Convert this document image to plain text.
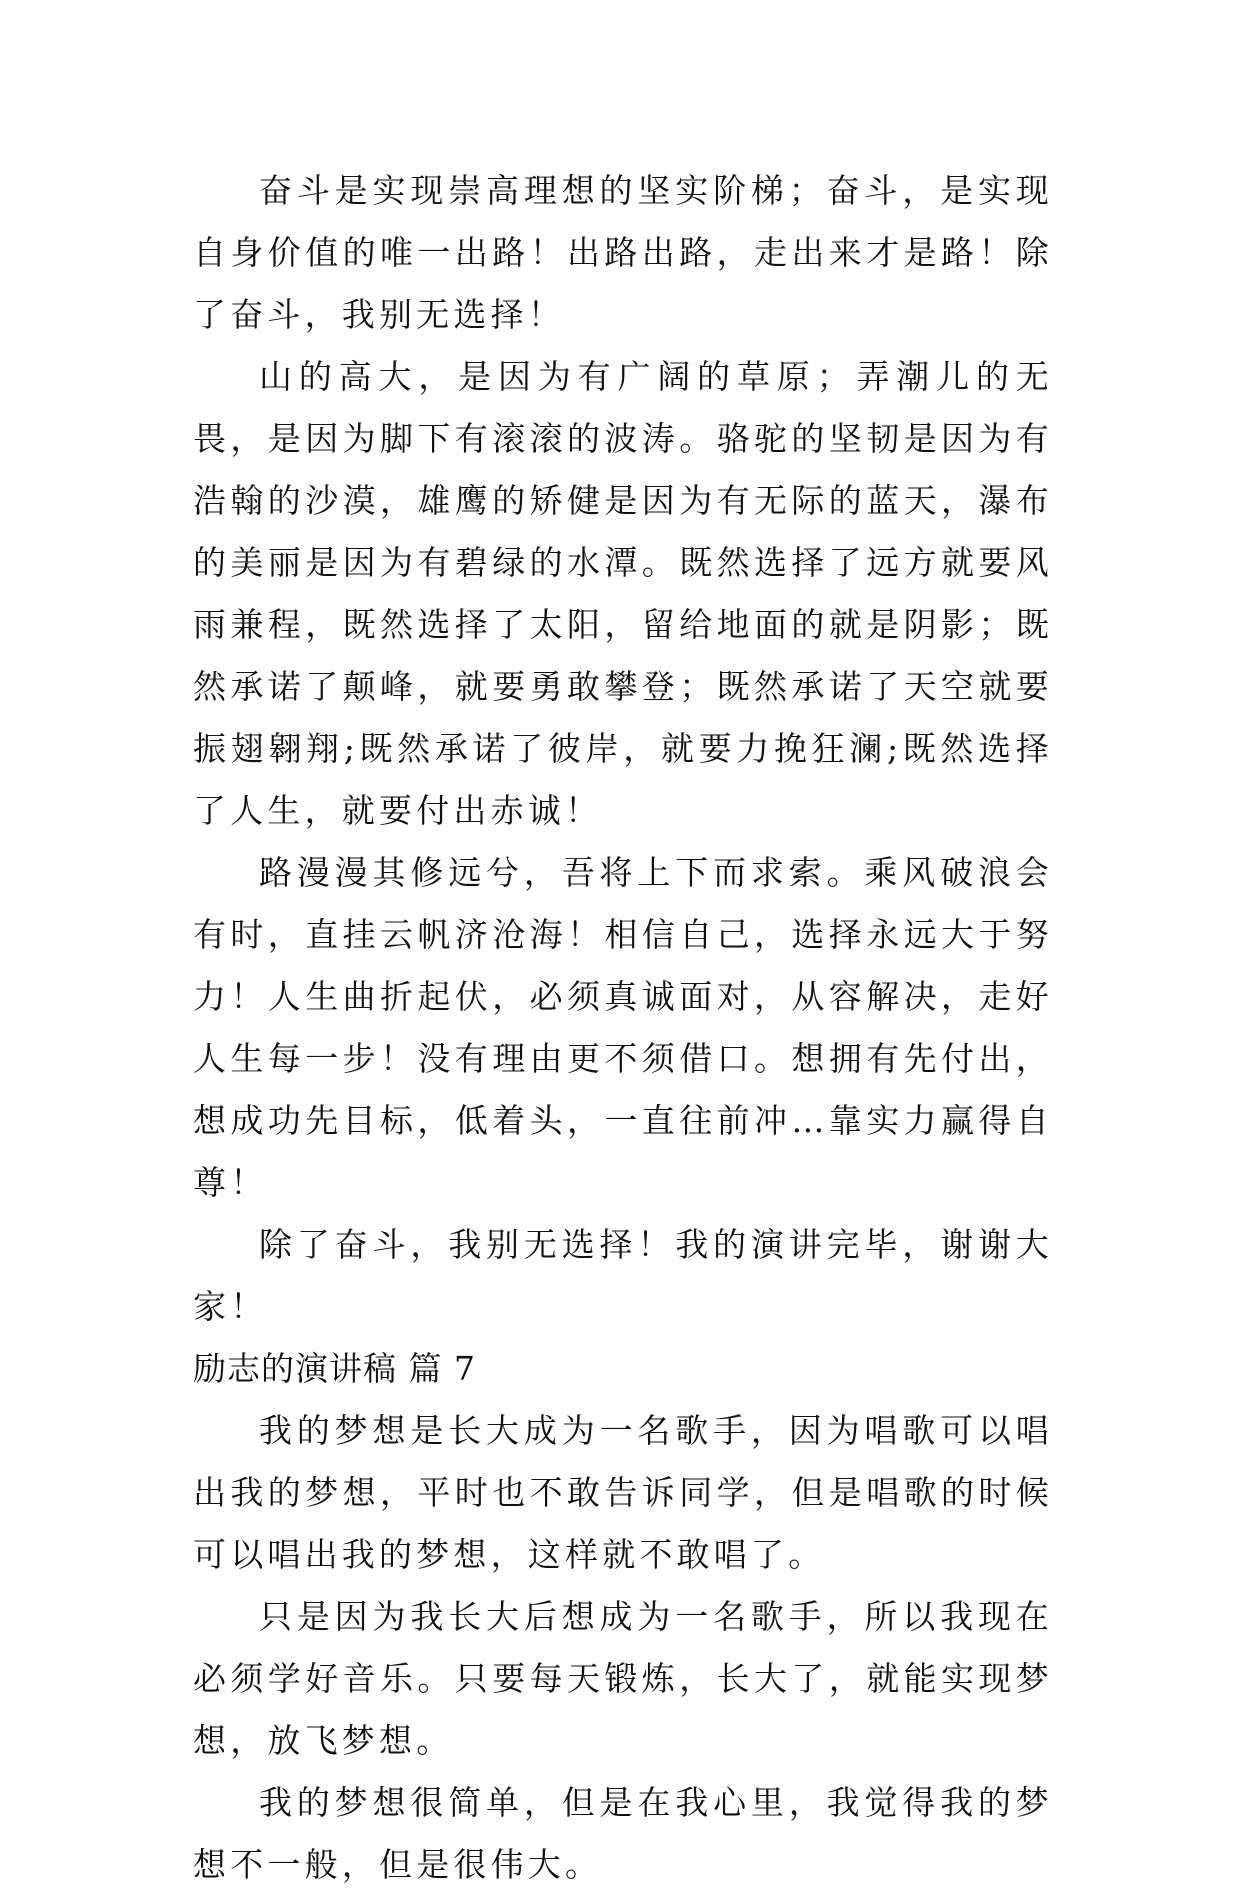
奋斗是实现崇高理想的坚实阶梯；奋斗，是实现自身价值的唯一出路！出路出路，走出来才是路！除了奋斗，我别无选择！

山的高大，是因为有广阔的草原；弄潮儿的无畏，是因为脚下有滚滚的波涛。骆驼的坚韧是因为有浩翰的沙漠，雄鹰的矫健是因为有无际的蓝天，瀑布的美丽是因为有碧绿的水潭。既然选择了远方就要风雨兼程，既然选择了太阳，留给地面的就是阴影；既然承诺了颠峰，就要勇敢攀登；既然承诺了天空就要振翅翱翔;既然承诺了彼岸，就要力挽狂澜;既然选择了人生，就要付出赤诚！

路漫漫其修远兮，吾将上下而求索。乘风破浪会有时，直挂云帆济沧海！相信自己，选择永远大于努力！人生曲折起伏，必须真诚面对，从容解决，走好人生每一步！没有理由更不须借口。想拥有先付出，想成功先目标，低着头，一直往前冲…靠实力赢得自尊！

除了奋斗，我别无选择！我的演讲完毕，谢谢大家！

励志的演讲稿 篇 7

我的梦想是长大成为一名歌手，因为唱歌可以唱出我的梦想，平时也不敢告诉同学，但是唱歌的时候可以唱出我的梦想，这样就不敢唱了。

只是因为我长大后想成为一名歌手，所以我现在必须学好音乐。只要每天锻炼，长大了，就能实现梦想，放飞梦想。

我的梦想很简单，但是在我心里，我觉得我的梦想不一般，但是很伟大。
